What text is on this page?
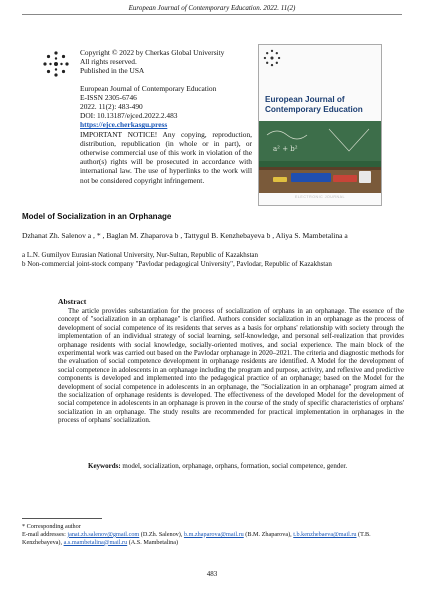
European Journal of Contemporary Education. 2022. 11(2)

Copyright © 2022 by Cherkas Global University

All rights reserved.

Published in the USA

European Journal of Contemporary Education

E-ISSN 2305-6746

2022. 11(2): 483-490

DOI: 10.13187/ejced.2022.2.483

https://ejce.cherkasgu.press

IMPORTANT NOTICE! Any copying, reproduction, distribution, republication (in whole or in part), or otherwise commercial use of this work in violation of the author(s) rights will be prosecuted in accordance with international law. The use of hyperlinks to the work will not be considered copyright infringement.

European Journal of
Contemporary Education
a² + b²
ELECTRONIC JOURNAL
Model of Socialization in an Orphanage
Dzhanat Zh. Salenov a , * , Baglan M. Zhaparova b , Tattygul B. Kenzhebayeva b , Aliya S. Mambetalina a

a L.N. Gumilyov Eurasian National University, Nur-Sultan, Republic of Kazakhstan

b Non-commercial joint-stock company "Pavlodar pedagogical University", Pavlodar, Republic of Kazakhstan

Abstract

The article provides substantiation for the process of socialization of orphans in an orphanage. The essence of the concept of "socialization in an orphanage" is clarified. Authors consider socialization in an orphanage as the process of development of social competence of its residents that serves as a basis for orphans' relationship with society through the implementation of an individual strategy of social learning, self-knowledge, and personal self-realization that provides orphanage residents with social knowledge, socially-oriented motives, and social experience. The main block of the experimental work was carried out based on the Pavlodar orphanage in 2020–2021. The criteria and diagnostic methods for the evaluation of social competence development in orphanage residents are identified. A Model for the development of social competence in adolescents in an orphanage including the program and purpose, activity, and reflexive and predictive components is developed and implemented into the pedagogical practice of an orphanage; based on the Model for the development of social competence in adolescents in an orphanage, the "Socialization in an orphanage" program aimed at the socialization of orphanage residents is developed. The effectiveness of the developed Model for the development of social competence in adolescents in an orphanage is proven in the course of the study of specific characteristics of orphans' socialization in an orphanage. The study results are recommended for practical implementation in orphanages in the process of orphans' socialization.

Keywords: model, socialization, orphanage, orphans, formation, social competence, gender.

* Corresponding author

E-mail addresses: janat.zh.salenov@gmail.com (D.Zh. Salenov), b.m.zhaparova@mail.ru (B.M. Zhaparova), t.b.kenzhebaeva@mail.ru (T.B. Kenzhebayeva), a.s.mambetalina@mail.ru (A.S. Mambetalina)

483
